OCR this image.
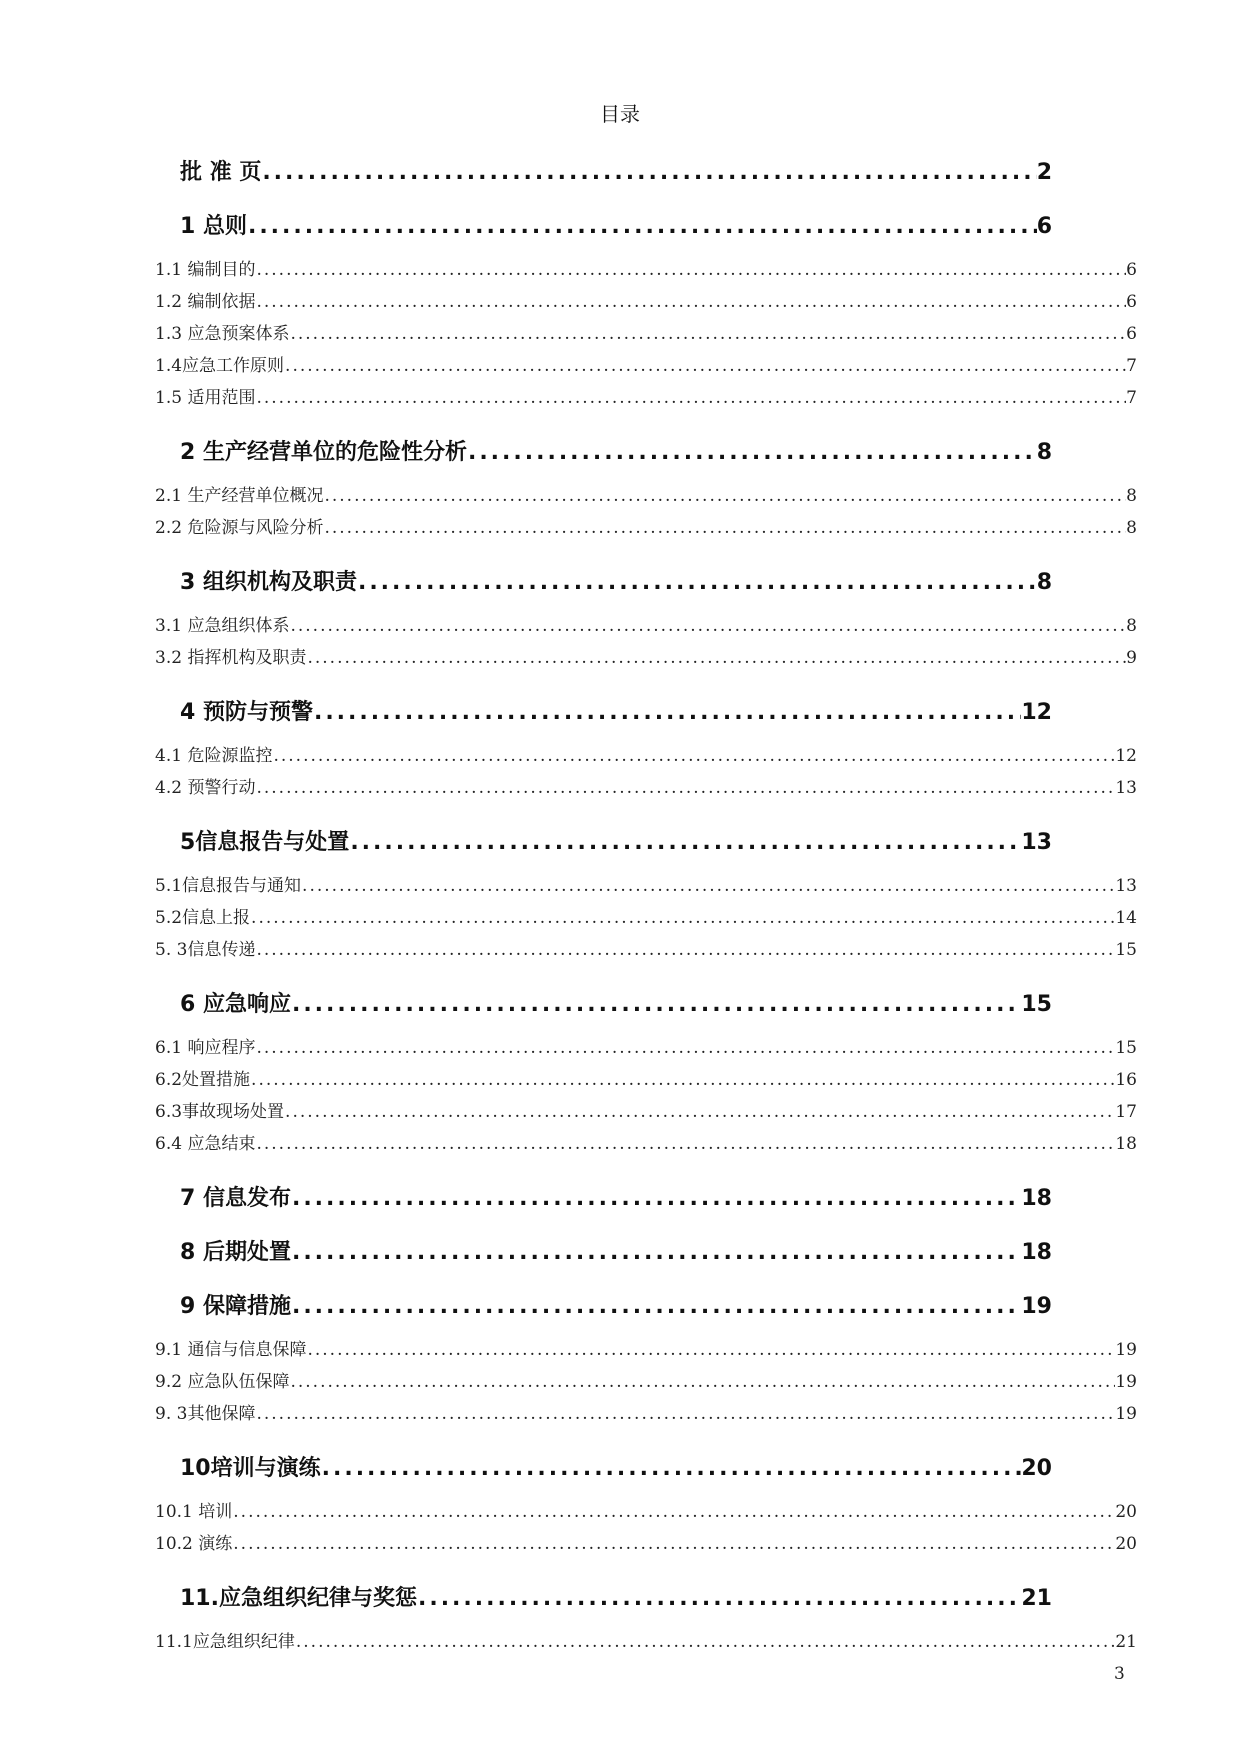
目录
批 准 页 .....	2
1 总则 .....	6
1.1 编制目的 .....	6
1.2 编制依据 .....	6
1.3 应急预案体系 .....	6
1.4应急工作原则 .....	7
1.5 适用范围 .....	7
2 生产经营单位的危险性分析 .....	8
2.1 生产经营单位概况 .....	8
2.2 危险源与风险分析 .....	8
3 组织机构及职责 .....	8
3.1 应急组织体系 .....	8
3.2 指挥机构及职责 .....	9
4 预防与预警 .....	12
4.1 危险源监控 .....	12
4.2 预警行动 .....	13
5信息报告与处置 .....	13
5.1信息报告与通知 .....	13
5.2信息上报 .....	14
5. 3信息传递 .....	15
6 应急响应 .....	15
6.1 响应程序 .....	15
6.2处置措施 .....	16
6.3事故现场处置 .....	17
6.4 应急结束 .....	18
7 信息发布 .....	18
8 后期处置 .....	18
9 保障措施 .....	19
9.1 通信与信息保障 .....	19
9.2 应急队伍保障 .....	19
9. 3其他保障 .....	19
10培训与演练 .....	20
10.1 培训 .....	20
10.2 演练 .....	20
11.应急组织纪律与奖惩 .....	21
11.1应急组织纪律 .....	21
3
